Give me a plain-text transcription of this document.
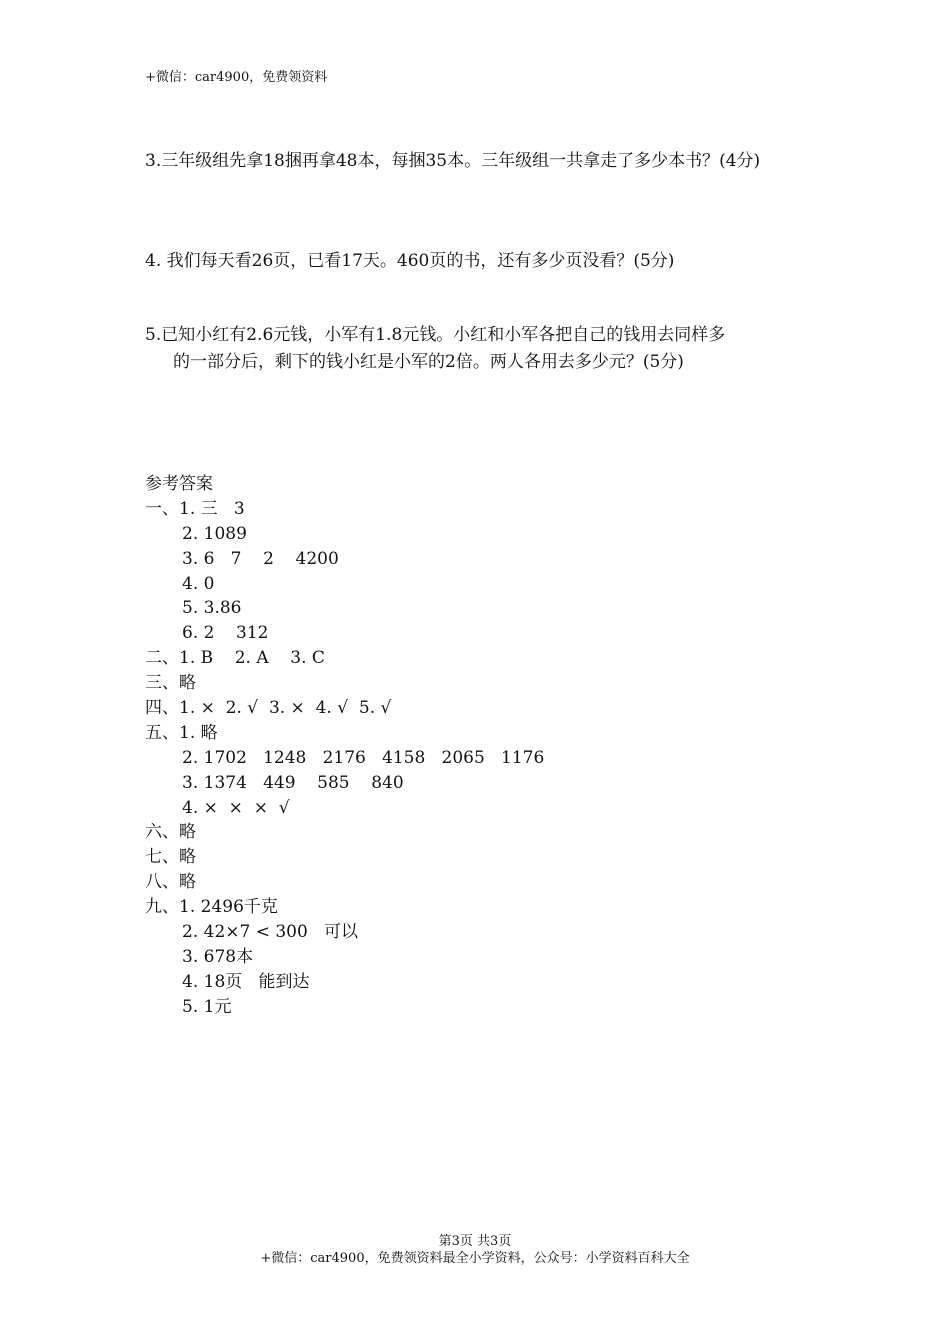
+微信：car4900，免费领资料
3.三年级组先拿18捆再拿48本，每捆35本。三年级组一共拿走了多少本书？(4分)
4. 我们每天看26页，已看17天。460页的书，还有多少页没看？(5分)
5.已知小红有2.6元钱，小军有1.8元钱。小红和小军各把自己的钱用去同样多
的一部分后，剩下的钱小红是小军的2倍。两人各用去多少元？(5分)
参考答案
一、1. 三   3
2. 1089
3. 6   7    2    4200
4. 0
5. 3.86
6. 2    312
二、1. B    2. A    3. C
三、略
四、1. ×  2. √  3. ×  4. √  5. √
五、1. 略
2. 1702   1248   2176   4158   2065   1176
3. 1374   449    585    840
4. ×  ×  ×  √
六、略
七、略
八、略
九、1. 2496千克
2. 42×7 < 300   可以
3. 678本
4. 18页   能到达
5. 1元
第3页 共3页
+微信：car4900，免费领资料最全小学资料，公众号：小学资料百科大全
